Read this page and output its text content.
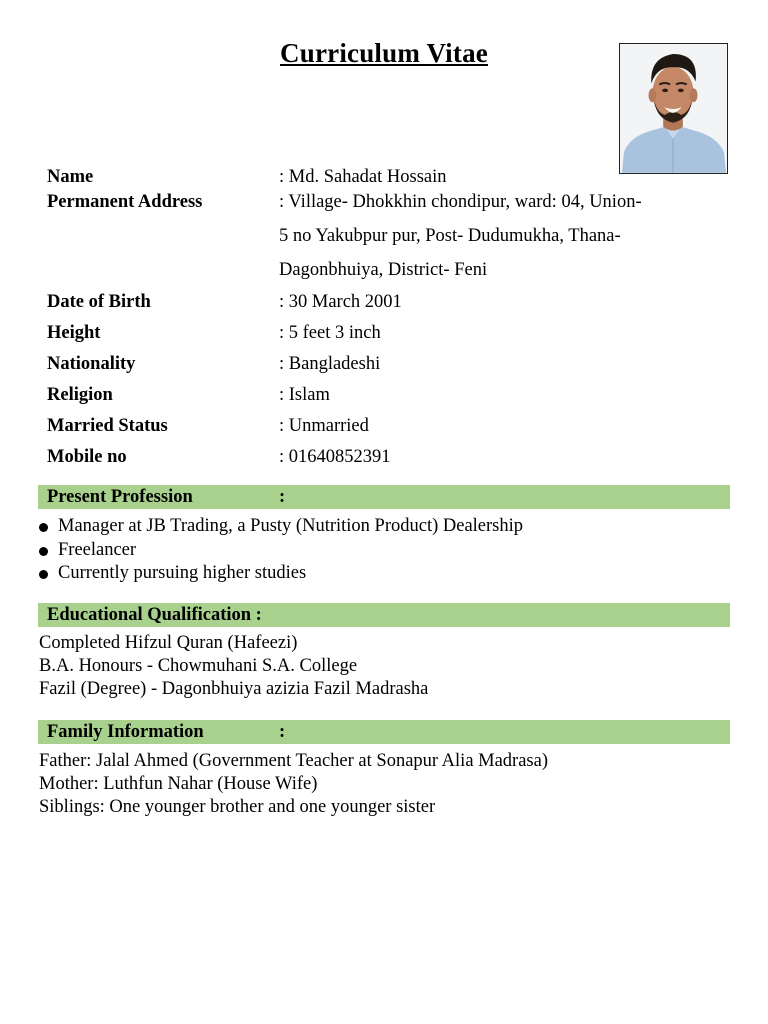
Curriculum Vitae
Name	: Md. Sahadat Hossain
Permanent Address	: Village- Dhokkhin chondipur, ward: 04, Union-
5 no Yakubpur pur, Post- Dudumukha, Thana-
Dagonbhuiya, District- Feni
Date of Birth	: 30 March 2001
Height	: 5 feet 3 inch
Nationality	: Bangladeshi
Religion	: Islam
Married Status	: Unmarried
Mobile no	: 01640852391
Present Profession	:
Manager at JB Trading, a Pusty (Nutrition Product) Dealership
Freelancer
Currently pursuing higher studies
Educational Qualification :
Completed Hifzul Quran (Hafeezi)
B.A. Honours - Chowmuhani S.A. College
Fazil (Degree) - Dagonbhuiya azizia Fazil Madrasha
Family Information	:
Father: Jalal Ahmed (Government Teacher at Sonapur Alia Madrasa)
Mother: Luthfun Nahar (House Wife)
Siblings: One younger brother and one younger sister
